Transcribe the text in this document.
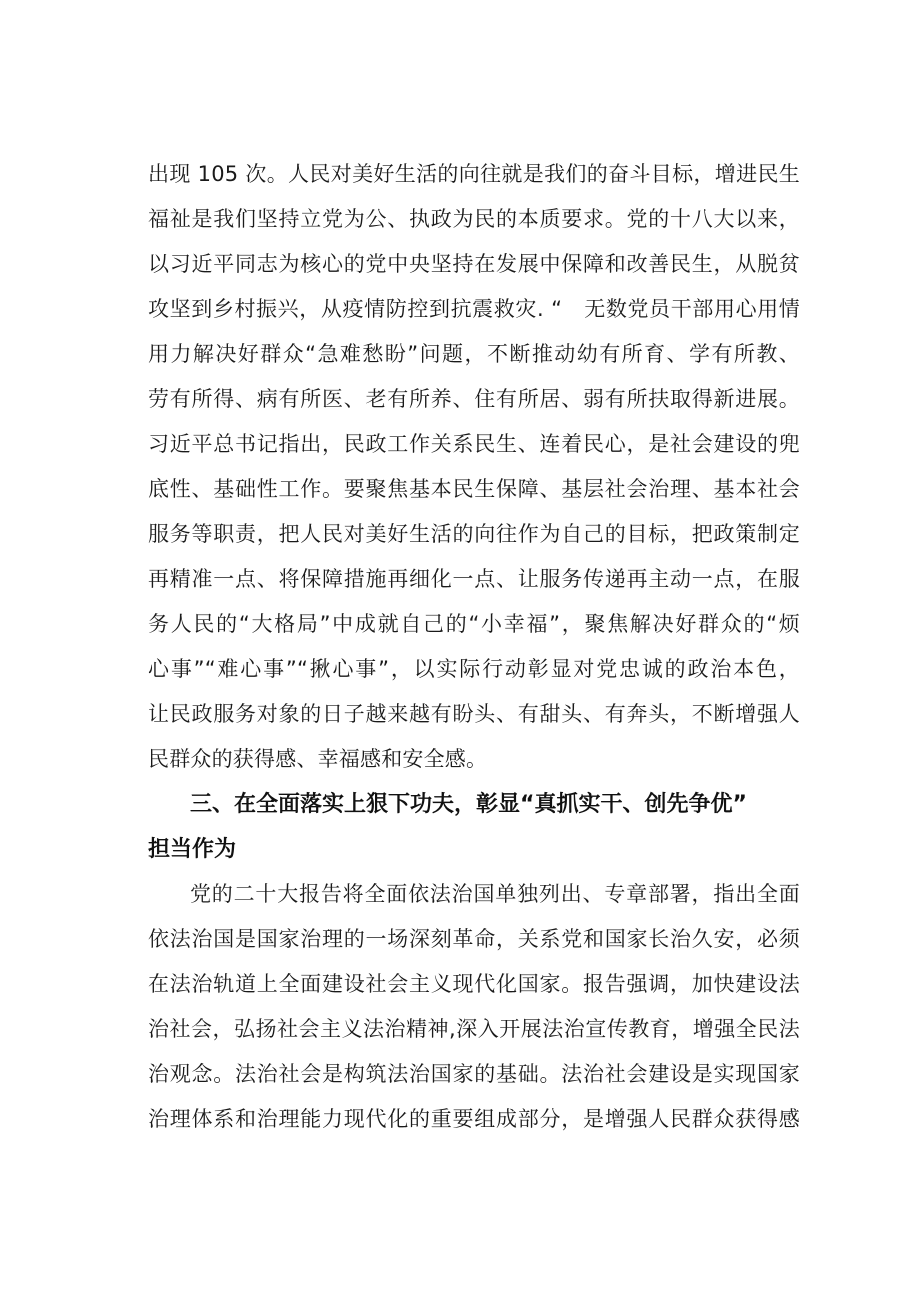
出现 105 次。人民对美好生活的向往就是我们的奋斗目标，增进民生
福祉是我们坚持立党为公、执政为民的本质要求。党的十八大以来，
以习近平同志为核心的党中央坚持在发展中保障和改善民生，从脱贫
攻坚到乡村振兴，从疫情防控到抗震救灾. “　无数党员干部用心用情
用力解决好群众“急难愁盼”问题，不断推动幼有所育、学有所教、
劳有所得、病有所医、老有所养、住有所居、弱有所扶取得新进展。
习近平总书记指出，民政工作关系民生、连着民心，是社会建设的兜
底性、基础性工作。要聚焦基本民生保障、基层社会治理、基本社会
服务等职责，把人民对美好生活的向往作为自己的目标，把政策制定
再精准一点、将保障措施再细化一点、让服务传递再主动一点，在服
务人民的“大格局”中成就自己的“小幸福”，聚焦解决好群众的“烦
心事”“难心事”“揪心事”，以实际行动彰显对党忠诚的政治本色，
让民政服务对象的日子越来越有盼头、有甜头、有奔头，不断增强人
民群众的获得感、幸福感和安全感。
三、在全面落实上狠下功夫，彰显“真抓实干、创先争优”
担当作为
党的二十大报告将全面依法治国单独列出、专章部署，指出全面
依法治国是国家治理的一场深刻革命，关系党和国家长治久安，必须
在法治轨道上全面建设社会主义现代化国家。报告强调，加快建设法
治社会，弘扬社会主义法治精神,深入开展法治宣传教育，增强全民法
治观念。法治社会是构筑法治国家的基础。法治社会建设是实现国家
治理体系和治理能力现代化的重要组成部分，是增强人民群众获得感
